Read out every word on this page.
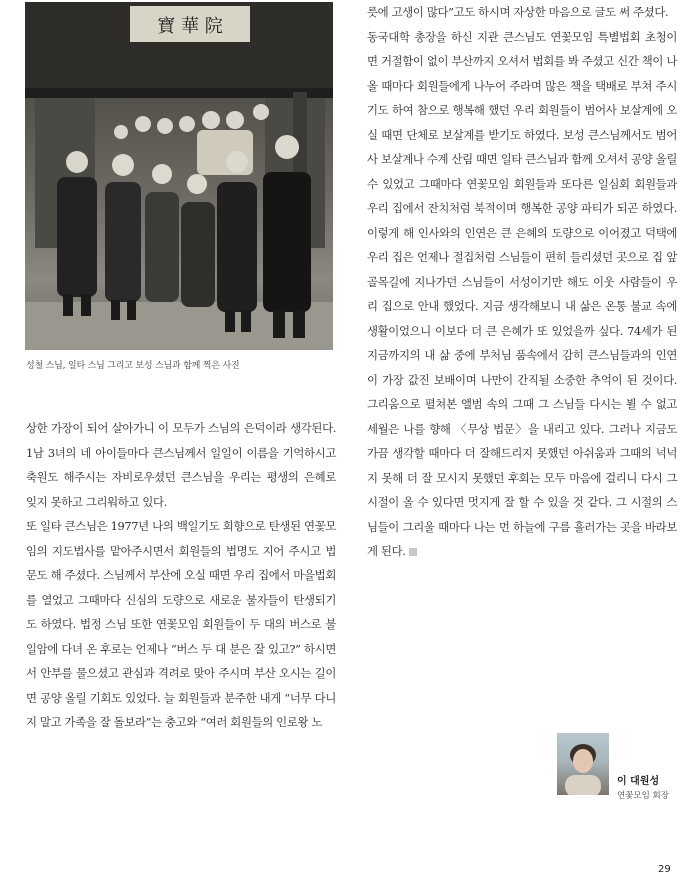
寶 華 院
성철 스님, 일타 스님 그리고 보성 스님과 함께 찍은 사진

상한 가장이 되어 살아가니 이 모두가 스님의 은덕이라 생각된다. 1남 3녀의 네 아이들마다 큰스님께서 일일이 이름을 기억하시고 축원도 해주시는 자비로우셨던 큰스님을 우리는 평생의 은혜로 잊지 못하고 그리워하고 있다.

또 일타 큰스님은 1977년 나의 백일기도 회향으로 탄생된 연꽃모임의 지도법사를 맡아주시면서 회원들의 법명도 지어 주시고 법문도 해 주셨다. 스님께서 부산에 오실 때면 우리 집에서 마을법회를 열었고 그때마다 신심의 도량으로 새로운 불자들이 탄생되기도 하였다. 법정 스님 또한 연꽃모임 회원들이 두 대의 버스로 불일암에 다녀 온 후로는 언제나 “버스 두 대 분은 잘 있고?” 하시면서 안부를 물으셨고 관심과 격려로 맞아 주시며 부산 오시는 길이면 공양 올릴 기회도 있었다. 늘 회원들과 분주한 내게 “너무 다니지 말고 가족을 잘 돌보라”는 충고와 “여러 회원들의 인로왕 노

릇에 고생이 많다”고도 하시며 자상한 마음으로 글도 써 주셨다.

동국대학 총장을 하신 지관 큰스님도 연꽃모임 특별법회 초청이면 거절함이 없이 부산까지 오셔서 법회를 봐 주셨고 신간 책이 나올 때마다 회원들에게 나누어 주라며 많은 책을 택배로 부쳐 주시기도 하여 참으로 행복해 했던 우리 회원들이 범어사 보살계에 오실 때면 단체로 보살계를 받기도 하였다. 보성 큰스님께서도 범어사 보살계나 수계 산림 때면 일타 큰스님과 함께 오셔서 공양 올릴 수 있었고 그때마다 연꽃모임 회원들과 또다른 일심회 회원들과 우리 집에서 잔치처럼 북적이며 행복한 공양 파티가 되곤 하였다. 이렇게 해 인사와의 인연은 큰 은혜의 도량으로 이어졌고 덕택에 우리 집은 언제나 절집처럼 스님들이 편히 들리셨던 곳으로 집 앞 골목길에 지나가던 스님들이 서성이기만 해도 이웃 사람들이 우리 집으로 안내 했었다. 지금 생각해보니 내 삶은 온통 불교 속에 생활이었으니 이보다 더 큰 은혜가 또 있었을까 싶다. 74세가 된 지금까지의 내 삶 중에 부처님 품속에서 감히 큰스님들과의 인연이 가장 값진 보배이며 나만이 간직될 소중한 추억이 된 것이다. 그리움으로 펼쳐본 앨범 속의 그때 그 스님들 다시는 뵐 수 없고 세월은 나를 향해 〈무상 법문〉을 내리고 있다. 그러나 지금도 가끔 생각할 때마다 더 잘해드리지 못했던 아쉬움과 그때의 넉넉지 못해 더 잘 모시지 못했던 후회는 모두 마음에 걸리니 다시 그 시절이 올 수 있다면 멋지게 잘 할 수 있을 것 같다. 그 시절의 스님들이 그리울 때마다 나는 먼 하늘에 구름 흘러가는 곳을 바라보게 된다.

이 대원성
연꽃모임 회장
29
